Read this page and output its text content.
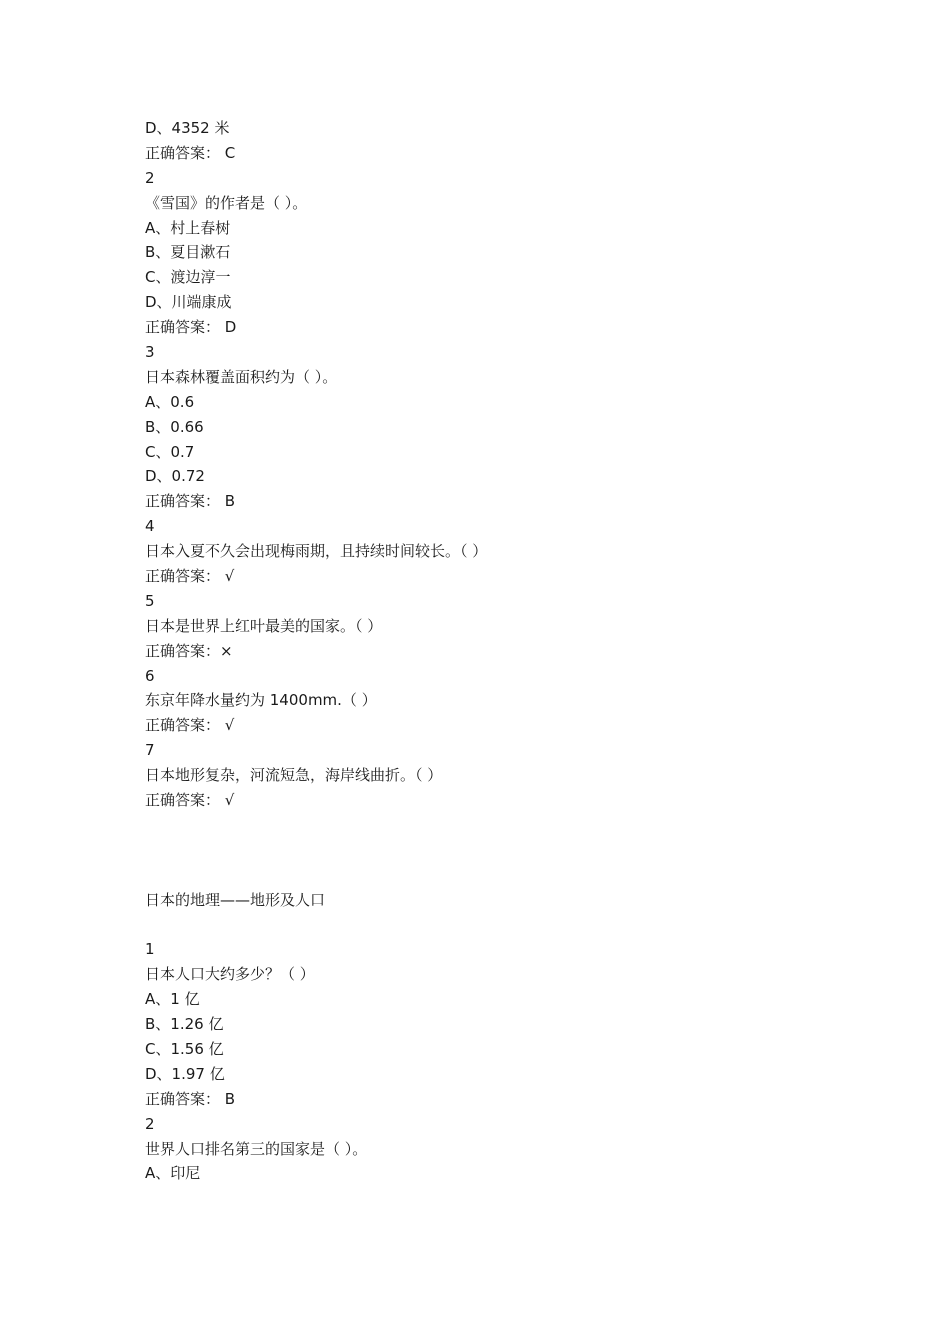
D、4352 米
正确答案： C
2
《雪国》的作者是（ ）。
A、村上春树
B、夏目漱石
C、渡边淳一
D、川端康成
正确答案： D
3
日本森林覆盖面积约为（ ）。
A、0.6
B、0.66
C、0.7
D、0.72
正确答案： B
4
日本入夏不久会出现梅雨期，且持续时间较长。（ ）
正确答案： √
5
日本是世界上红叶最美的国家。（ ）
正确答案：×
6
东京年降水量约为 1400mm.（ ）
正确答案： √
7
日本地形复杂，河流短急，海岸线曲折。（ ）
正确答案： √
日本的地理——地形及人口
1
日本人口大约多少？（ ）
A、1 亿
B、1.26 亿
C、1.56 亿
D、1.97 亿
正确答案： B
2
世界人口排名第三的国家是（ ）。
A、印尼
